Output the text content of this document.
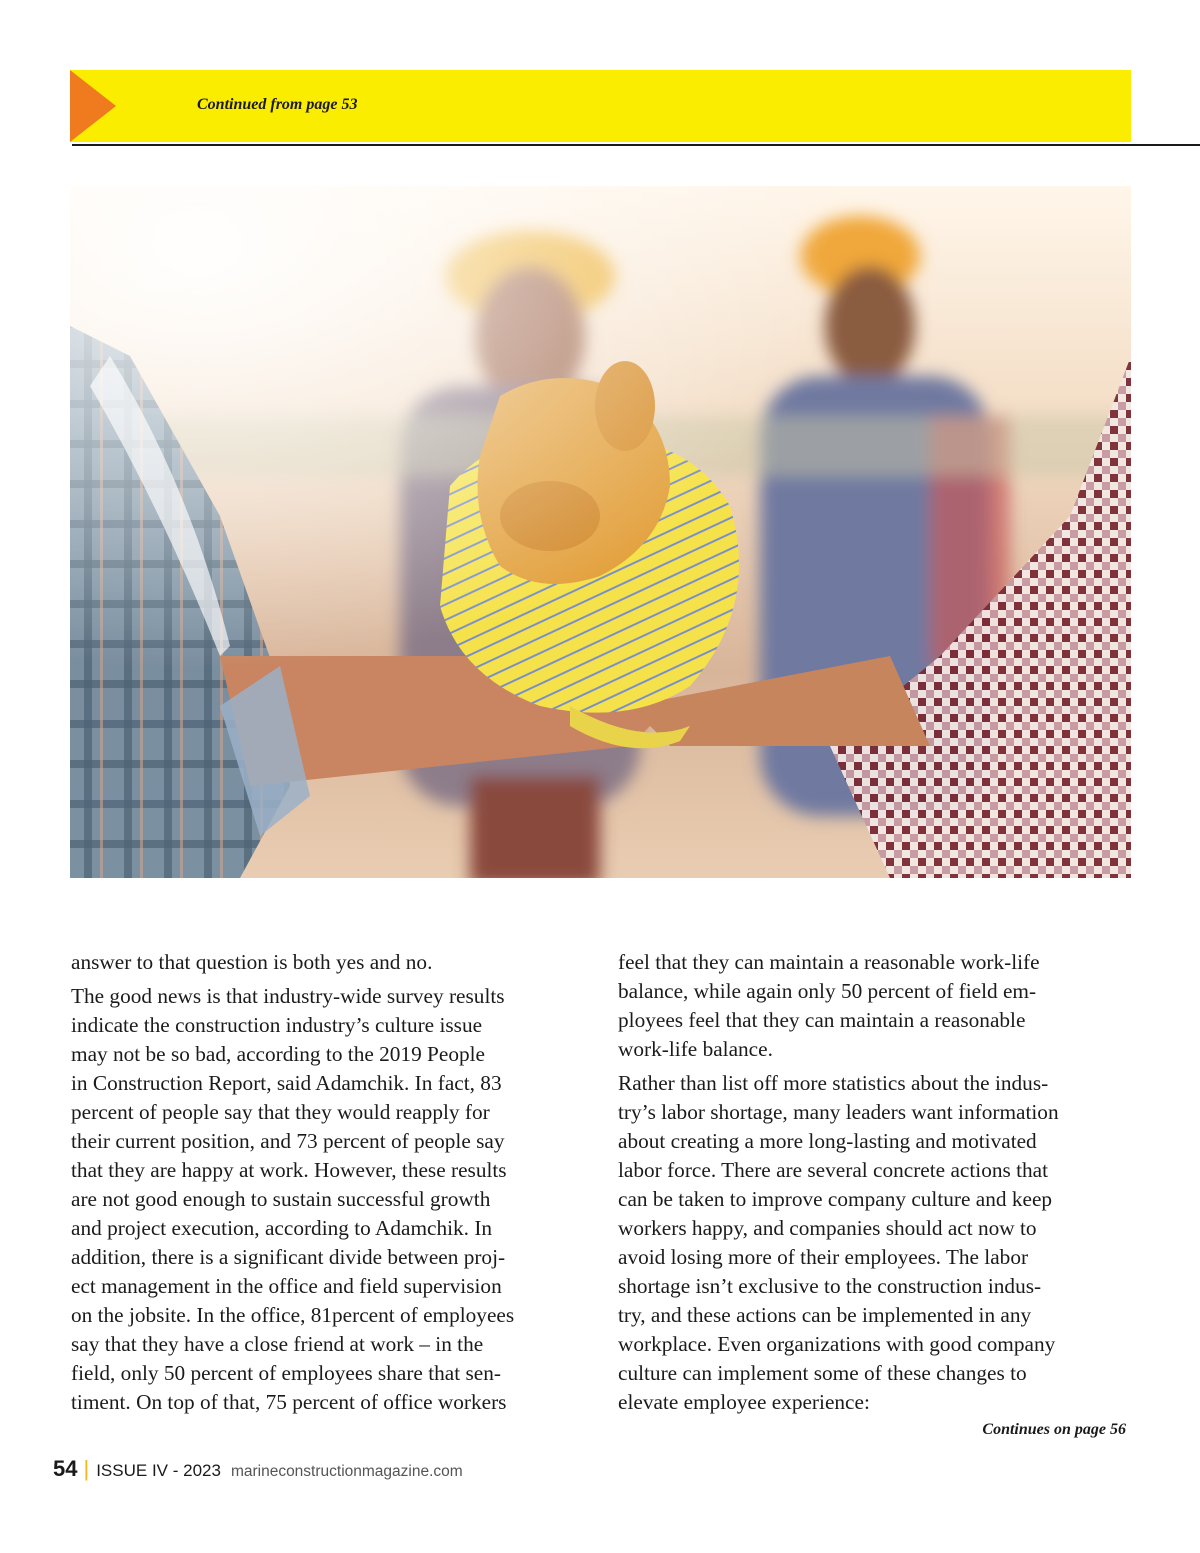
Continued from page 53

answer to that question is both yes and no.

The good news is that industry-wide survey results
indicate the construction industry’s culture issue
may not be so bad, according to the 2019 People
in Construction Report, said Adamchik. In fact, 83
percent of people say that they would reapply for
their current position, and 73 percent of people say
that they are happy at work. However, these results
are not good enough to sustain successful growth
and project execution, according to Adamchik. In
addition, there is a significant divide between proj-
ect management in the office and field supervision
on the jobsite. In the office, 81percent of employees
say that they have a close friend at work – in the
field, only 50 percent of employees share that sen-
timent. On top of that, 75 percent of office workers

feel that they can maintain a reasonable work-life
balance, while again only 50 percent of field em-
ployees feel that they can maintain a reasonable
work-life balance.

Rather than list off more statistics about the indus-
try’s labor shortage, many leaders want information
about creating a more long-lasting and motivated
labor force. There are several concrete actions that
can be taken to improve company culture and keep
workers happy, and companies should act now to
avoid losing more of their employees. The labor
shortage isn’t exclusive to the construction indus-
try, and these actions can be implemented in any
workplace. Even organizations with good company
culture can implement some of these changes to
elevate employee experience:

Continues on page 56
54 | ISSUE IV - 2023 marineconstructionmagazine.com
